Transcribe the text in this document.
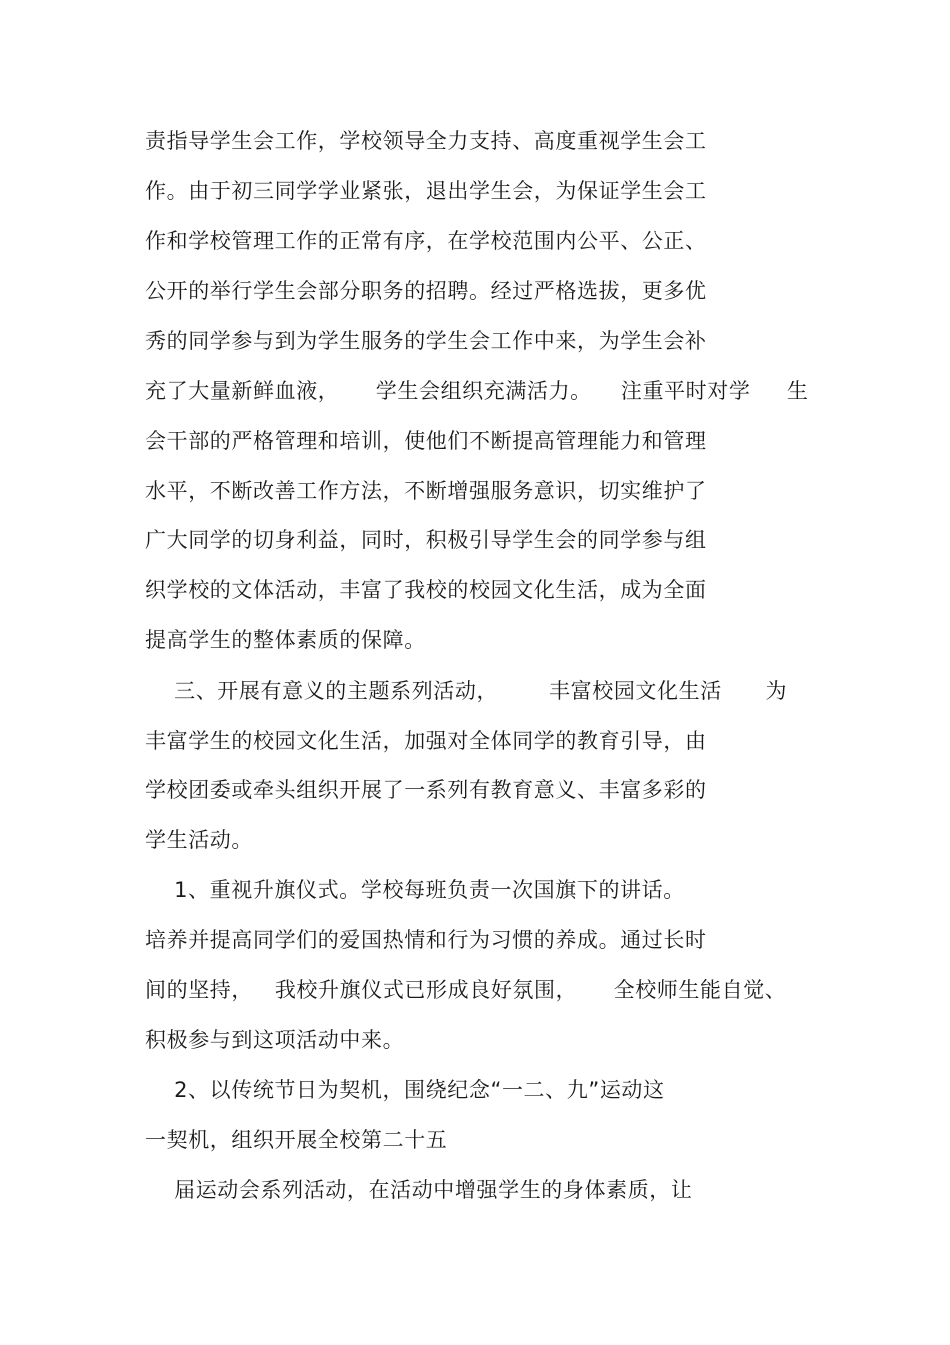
责指导学生会工作，学校领导全力支持、高度重视学生会工
作。由于初三同学学业紧张，退出学生会，为保证学生会工
作和学校管理工作的正常有序，在学校范围内公平、公正、
公开的举行学生会部分职务的招聘。经过严格选拔，更多优
秀的同学参与到为学生服务的学生会工作中来，为学生会补
充了大量新鲜血液，     学生会组织充满活力。    注重平时对学     生
会干部的严格管理和培训，使他们不断提高管理能力和管理
水平，不断改善工作方法，不断增强服务意识，切实维护了
广大同学的切身利益，同时，积极引导学生会的同学参与组
织学校的文体活动，丰富了我校的校园文化生活，成为全面
提高学生的整体素质的保障。
三、开展有意义的主题系列活动，       丰富校园文化生活      为
丰富学生的校园文化生活，加强对全体同学的教育引导，由
学校团委或牵头组织开展了一系列有教育意义、丰富多彩的
学生活动。
1、重视升旗仪式。学校每班负责一次国旗下的讲话。
培养并提高同学们的爱国热情和行为习惯的养成。通过长时
间的坚持，   我校升旗仪式已形成良好氛围，     全校师生能自觉、
积极参与到这项活动中来。
2、以传统节日为契机，围绕纪念“一二、九”运动这
一契机，组织开展全校第二十五
届运动会系列活动，在活动中增强学生的身体素质，让
